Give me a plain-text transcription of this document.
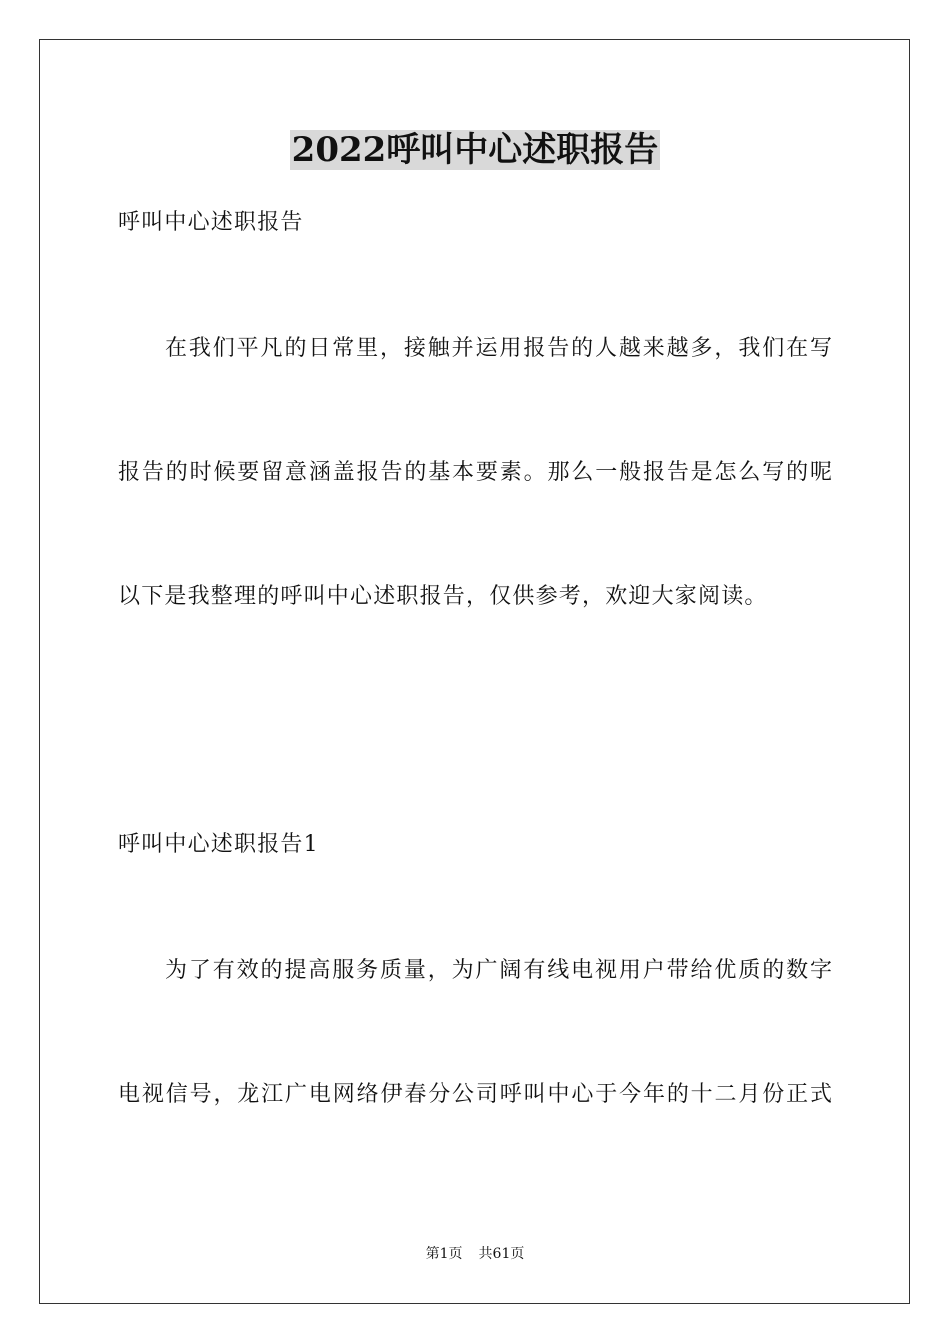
2022呼叫中心述职报告
呼叫中心述职报告
在我们平凡的日常里，接触并运用报告的人越来越多，我们在写
报告的时候要留意涵盖报告的基本要素。那么一般报告是怎么写的呢
以下是我整理的呼叫中心述职报告，仅供参考，欢迎大家阅读。
呼叫中心述职报告1
为了有效的提高服务质量，为广阔有线电视用户带给优质的数字
电视信号，龙江广电网络伊春分公司呼叫中心于今年的十二月份正式
第1页 共61页
